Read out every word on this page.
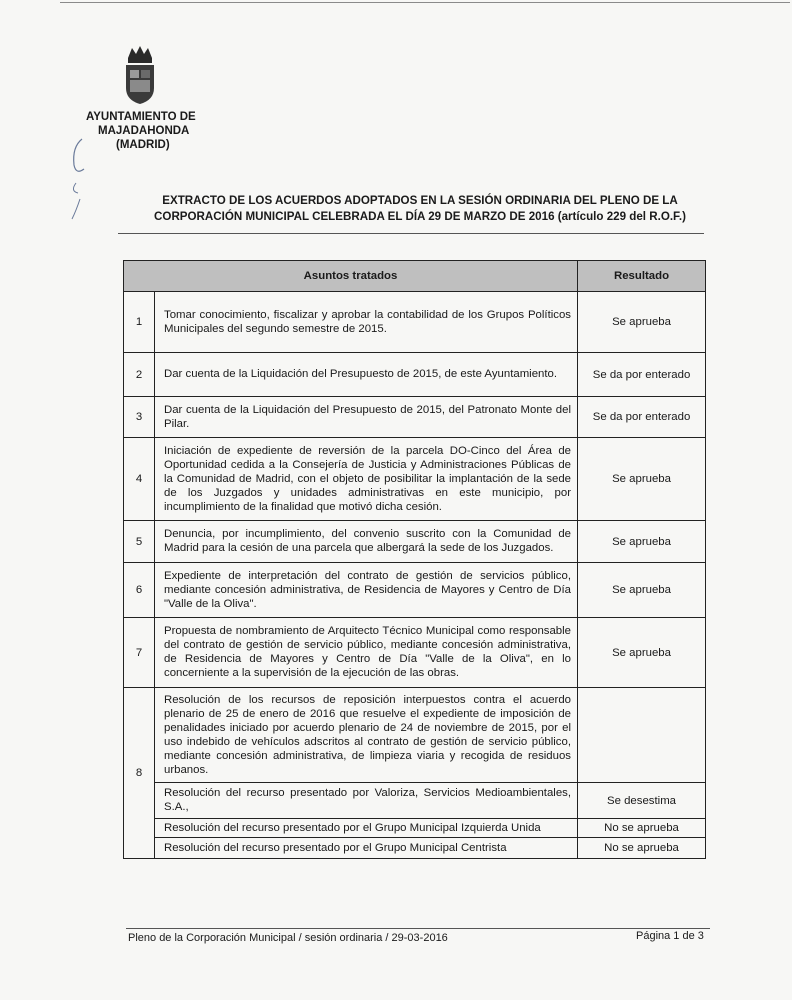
AYUNTAMIENTO DE
MAJADAHONDA
(MADRID)
EXTRACTO DE LOS ACUERDOS ADOPTADOS EN LA SESIÓN ORDINARIA DEL PLENO DE LA
CORPORACIÓN MUNICIPAL CELEBRADA EL DÍA 29 DE MARZO DE 2016 (artículo 229 del R.O.F.)
Asuntos tratados		Resultado
1	Tomar conocimiento, fiscalizar y aprobar la contabilidad de los Grupos Políticos Municipales del segundo semestre de 2015.	Se aprueba
2	Dar cuenta de la Liquidación del Presupuesto de 2015, de este Ayuntamiento.	Se da por enterado
3	Dar cuenta de la Liquidación del Presupuesto de 2015, del Patronato Monte del Pilar.	Se da por enterado
4	Iniciación de expediente de reversión de la parcela DO-Cinco del Área de Oportunidad cedida a la Consejería de Justicia y Administraciones Públicas de la Comunidad de Madrid, con el objeto de posibilitar la implantación de la sede de los Juzgados y unidades administrativas en este municipio, por incumplimiento de la finalidad que motivó dicha cesión.	Se aprueba
5	Denuncia, por incumplimiento, del convenio suscrito con la Comunidad de Madrid para la cesión de una parcela que albergará la sede de los Juzgados.	Se aprueba
6	Expediente de interpretación del contrato de gestión de servicios público, mediante concesión administrativa, de Residencia de Mayores y Centro de Día "Valle de la Oliva".	Se aprueba
7	Propuesta de nombramiento de Arquitecto Técnico Municipal como responsable del contrato de gestión de servicio público, mediante concesión administrativa, de Residencia de Mayores y Centro de Día "Valle de la Oliva", en lo concerniente a la supervisión de la ejecución de las obras.	Se aprueba
8	Resolución de los recursos de reposición interpuestos contra el acuerdo plenario de 25 de enero de 2016 que resuelve el expediente de imposición de penalidades iniciado por acuerdo plenario de 24 de noviembre de 2015, por el uso indebido de vehículos adscritos al contrato de gestión de servicio público, mediante concesión administrativa, de limpieza viaria y recogida de residuos urbanos.	
	Resolución del recurso presentado por Valoriza, Servicios Medioambientales, S.A.,	Se desestima
	Resolución del recurso presentado por el Grupo Municipal Izquierda Unida	No se aprueba
	Resolución del recurso presentado por el Grupo Municipal Centrista	No se aprueba
Pleno de la Corporación Municipal / sesión ordinaria / 29-03-2016	Página 1 de 3
